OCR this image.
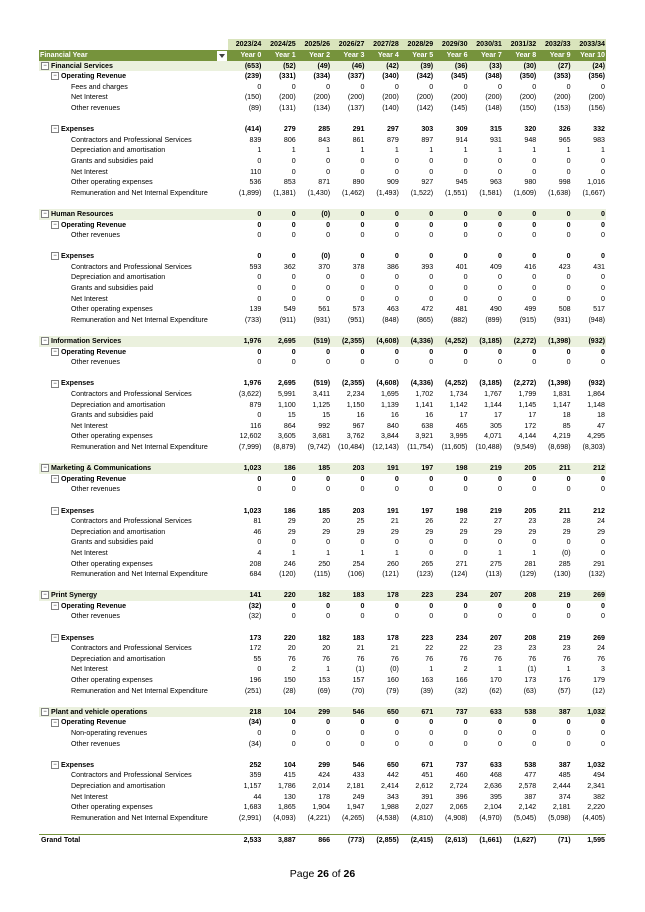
	2023/24	2024/25	2025/26	2026/27	2027/28	2028/29	2029/30	2030/31	2031/32	2032/33	2033/34
Financial Year	Year 0	Year 1	Year 2	Year 3	Year 4	Year 5	Year 6	Year 7	Year 8	Year 9	Year 10
− Financial Services	(653)	(52)	(49)	(46)	(42)	(39)	(36)	(33)	(30)	(27)	(24)
− Operating Revenue	(239)	(331)	(334)	(337)	(340)	(342)	(345)	(348)	(350)	(353)	(356)
Fees and charges	0	0	0	0	0	0	0	0	0	0	0
Net Interest	(150)	(200)	(200)	(200)	(200)	(200)	(200)	(200)	(200)	(200)	(200)
Other revenues	(89)	(131)	(134)	(137)	(140)	(142)	(145)	(148)	(150)	(153)	(156)

− Expenses	(414)	279	285	291	297	303	309	315	320	326	332
Contractors and Professional Services	839	806	843	861	879	897	914	931	948	965	983
Depreciation and amortisation	1	1	1	1	1	1	1	1	1	1	1
Grants and subsidies paid	0	0	0	0	0	0	0	0	0	0	0
Net Interest	110	0	0	0	0	0	0	0	0	0	0
Other operating expenses	536	853	871	890	909	927	945	963	980	998	1,016
Remuneration and Net Internal Expenditure	(1,899)	(1,381)	(1,430)	(1,462)	(1,493)	(1,522)	(1,551)	(1,581)	(1,609)	(1,638)	(1,667)

− Human Resources	0	0	(0)	0	0	0	0	0	0	0	0
− Operating Revenue	0	0	0	0	0	0	0	0	0	0	0
Other revenues	0	0	0	0	0	0	0	0	0	0	0

− Expenses	0	0	(0)	0	0	0	0	0	0	0	0
Contractors and Professional Services	593	362	370	378	386	393	401	409	416	423	431
Depreciation and amortisation	0	0	0	0	0	0	0	0	0	0	0
Grants and subsidies paid	0	0	0	0	0	0	0	0	0	0	0
Net Interest	0	0	0	0	0	0	0	0	0	0	0
Other operating expenses	139	549	561	573	463	472	481	490	499	508	517
Remuneration and Net Internal Expenditure	(733)	(911)	(931)	(951)	(848)	(865)	(882)	(899)	(915)	(931)	(948)

− Information Services	1,976	2,695	(519)	(2,355)	(4,608)	(4,336)	(4,252)	(3,185)	(2,272)	(1,398)	(932)
− Operating Revenue	0	0	0	0	0	0	0	0	0	0	0
Other revenues	0	0	0	0	0	0	0	0	0	0	0

− Expenses	1,976	2,695	(519)	(2,355)	(4,608)	(4,336)	(4,252)	(3,185)	(2,272)	(1,398)	(932)
Contractors and Professional Services	(3,622)	5,991	3,411	2,234	1,695	1,702	1,734	1,767	1,799	1,831	1,864
Depreciation and amortisation	879	1,100	1,125	1,150	1,139	1,141	1,142	1,144	1,145	1,147	1,148
Grants and subsidies paid	0	15	15	16	16	16	17	17	17	18	18
Net Interest	116	864	992	967	840	638	465	305	172	85	47
Other operating expenses	12,602	3,605	3,681	3,762	3,844	3,921	3,995	4,071	4,144	4,219	4,295
Remuneration and Net Internal Expenditure	(7,999)	(8,879)	(9,742)	(10,484)	(12,143)	(11,754)	(11,605)	(10,488)	(9,549)	(8,698)	(8,303)

− Marketing & Communications	1,023	186	185	203	191	197	198	219	205	211	212
− Operating Revenue	0	0	0	0	0	0	0	0	0	0	0
Other revenues	0	0	0	0	0	0	0	0	0	0	0

− Expenses	1,023	186	185	203	191	197	198	219	205	211	212
Contractors and Professional Services	81	29	20	25	21	26	22	27	23	28	24
Depreciation and amortisation	46	29	29	29	29	29	29	29	29	29	29
Grants and subsidies paid	0	0	0	0	0	0	0	0	0	0	0
Net Interest	4	1	1	1	1	0	0	1	1	(0)	0
Other operating expenses	208	246	250	254	260	265	271	275	281	285	291
Remuneration and Net Internal Expenditure	684	(120)	(115)	(106)	(121)	(123)	(124)	(113)	(129)	(130)	(132)

− Print Synergy	141	220	182	183	178	223	234	207	208	219	269
− Operating Revenue	(32)	0	0	0	0	0	0	0	0	0	0
Other revenues	(32)	0	0	0	0	0	0	0	0	0	0

− Expenses	173	220	182	183	178	223	234	207	208	219	269
Contractors and Professional Services	172	20	20	21	21	22	22	23	23	23	24
Depreciation and amortisation	55	76	76	76	76	76	76	76	76	76	76
Net Interest	0	2	1	(1)	(0)	1	2	1	(1)	1	3
Other operating expenses	196	150	153	157	160	163	166	170	173	176	179
Remuneration and Net Internal Expenditure	(251)	(28)	(69)	(70)	(79)	(39)	(32)	(62)	(63)	(57)	(12)

− Plant and vehicle operations	218	104	299	546	650	671	737	633	538	387	1,032
− Operating Revenue	(34)	0	0	0	0	0	0	0	0	0	0
Non-operating revenues	0	0	0	0	0	0	0	0	0	0	0
Other revenues	(34)	0	0	0	0	0	0	0	0	0	0

− Expenses	252	104	299	546	650	671	737	633	538	387	1,032
Contractors and Professional Services	359	415	424	433	442	451	460	468	477	485	494
Depreciation and amortisation	1,157	1,786	2,014	2,181	2,414	2,612	2,724	2,636	2,578	2,444	2,341
Net Interest	44	130	178	249	343	391	396	395	387	374	382
Other operating expenses	1,683	1,865	1,904	1,947	1,988	2,027	2,065	2,104	2,142	2,181	2,220
Remuneration and Net Internal Expenditure	(2,991)	(4,093)	(4,221)	(4,265)	(4,538)	(4,810)	(4,908)	(4,970)	(5,045)	(5,098)	(4,405)

Grand Total	2,533	3,887	866	(773)	(2,855)	(2,415)	(2,613)	(1,661)	(1,627)	(71)	1,595
Page 26 of 26
